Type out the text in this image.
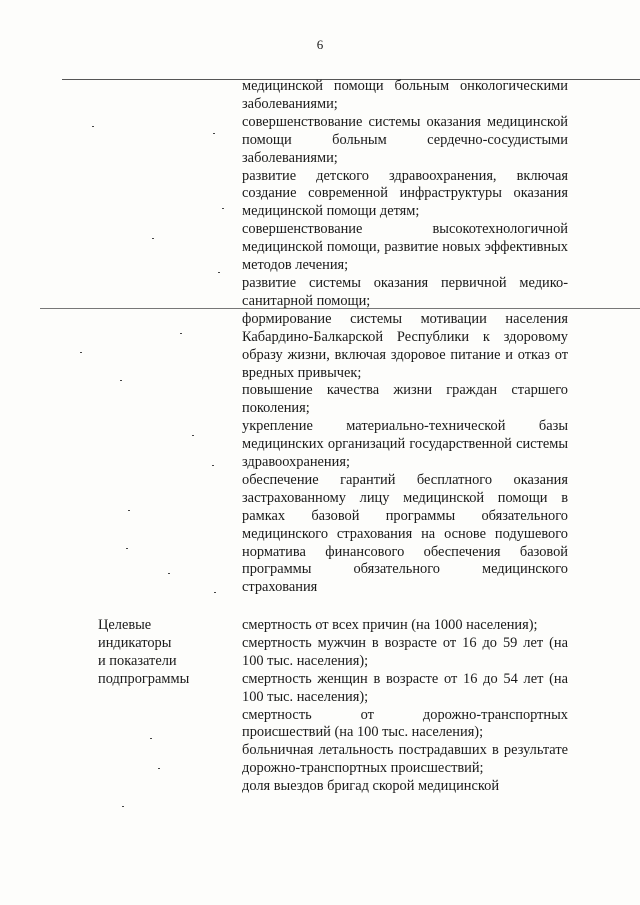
6

медицинской помощи больным онкологическими заболеваниями;

совершенствование системы оказания медицинской помощи больным сердечно-сосудистыми заболеваниями;

развитие детского здравоохранения, включая создание современной инфраструктуры оказания медицинской помощи детям;

совершенствование высокотехнологичной медицинской помощи, развитие новых эффективных методов лечения;

развитие системы оказания первичной медико-санитарной помощи;

формирование системы мотивации населения Кабардино-Балкарской Республики к здоровому образу жизни, включая здоровое питание и отказ от вредных привычек;

повышение качества жизни граждан старшего поколения;

укрепление материально-технической базы медицинских организаций государственной системы здравоохранения;

обеспечение гарантий бесплатного оказания застрахованному лицу медицинской помощи в рамках базовой программы обязательного медицинского страхования на основе подушевого норматива финансового обеспечения базовой программы обязательного медицинского страхования

Целевые

индикаторы

и показатели

подпрограммы

смертность от всех причин (на 1000 населения);

смертность мужчин в возрасте от 16 до 59 лет (на 100 тыс. населения);

смертность женщин в возрасте от 16 до 54 лет (на 100 тыс. населения);

смертность от дорожно-транспортных происшествий (на 100 тыс. населения);

больничная летальность пострадавших в результате дорожно-транспортных происшествий;

доля выездов бригад скорой медицинской
